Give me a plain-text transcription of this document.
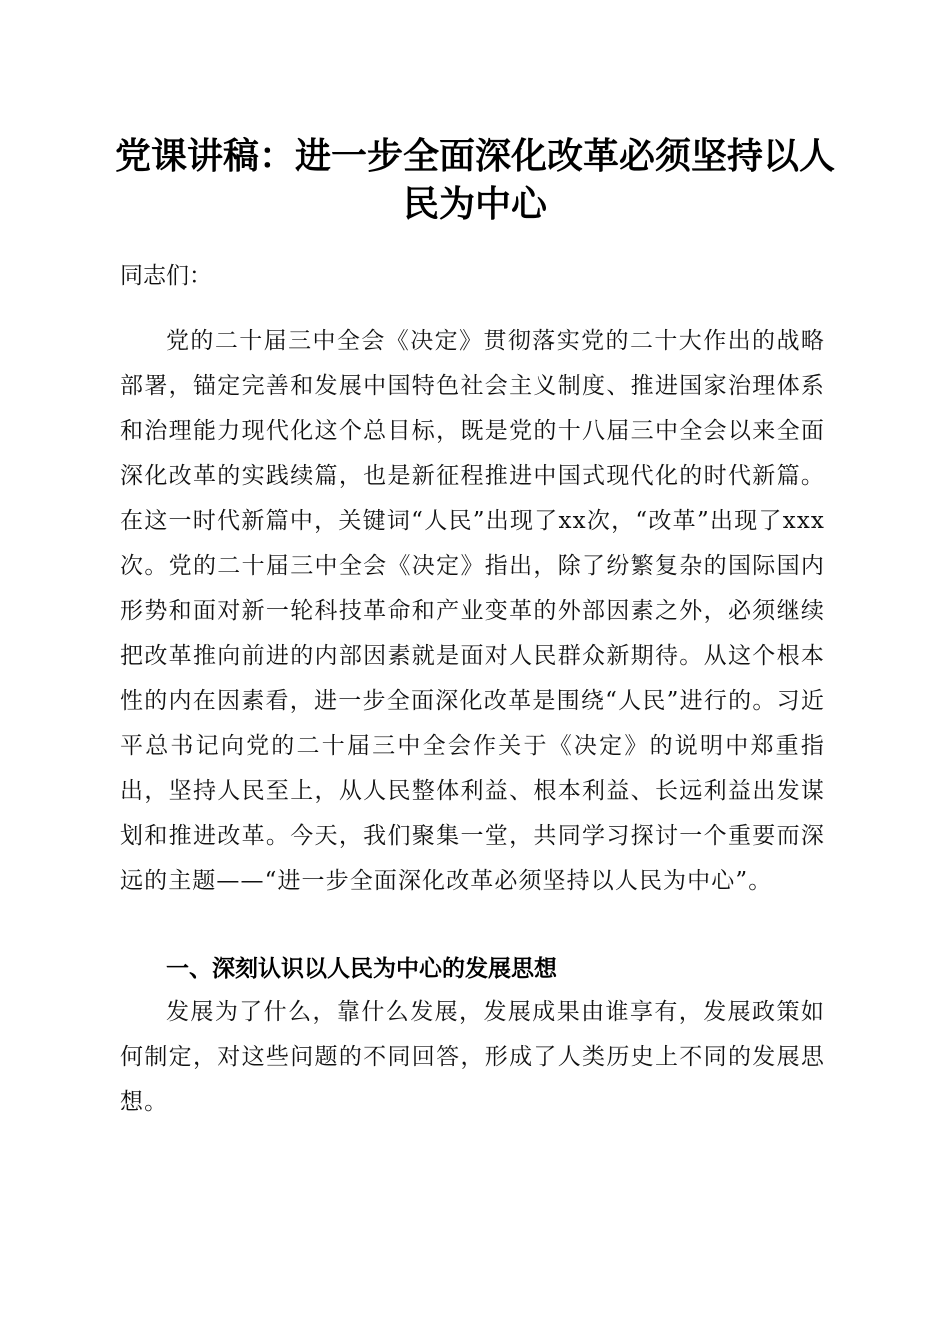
党课讲稿：进一步全面深化改革必须坚持以人民为中心

同志们：

党的二十届三中全会《决定》贯彻落实党的二十大作出的战略部署，锚定完善和发展中国特色社会主义制度、推进国家治理体系和治理能力现代化这个总目标，既是党的十八届三中全会以来全面深化改革的实践续篇，也是新征程推进中国式现代化的时代新篇。在这一时代新篇中，关键词“人民”出现了xx次，“改革”出现了xxx次。党的二十届三中全会《决定》指出，除了纷繁复杂的国际国内形势和面对新一轮科技革命和产业变革的外部因素之外，必须继续把改革推向前进的内部因素就是面对人民群众新期待。从这个根本性的内在因素看，进一步全面深化改革是围绕“人民”进行的。习近平总书记向党的二十届三中全会作关于《决定》的说明中郑重指出，坚持人民至上，从人民整体利益、根本利益、长远利益出发谋划和推进改革。今天，我们聚集一堂，共同学习探讨一个重要而深远的主题——“进一步全面深化改革必须坚持以人民为中心”。

一、深刻认识以人民为中心的发展思想

发展为了什么，靠什么发展，发展成果由谁享有，发展政策如何制定，对这些问题的不同回答，形成了人类历史上不同的发展思想。
